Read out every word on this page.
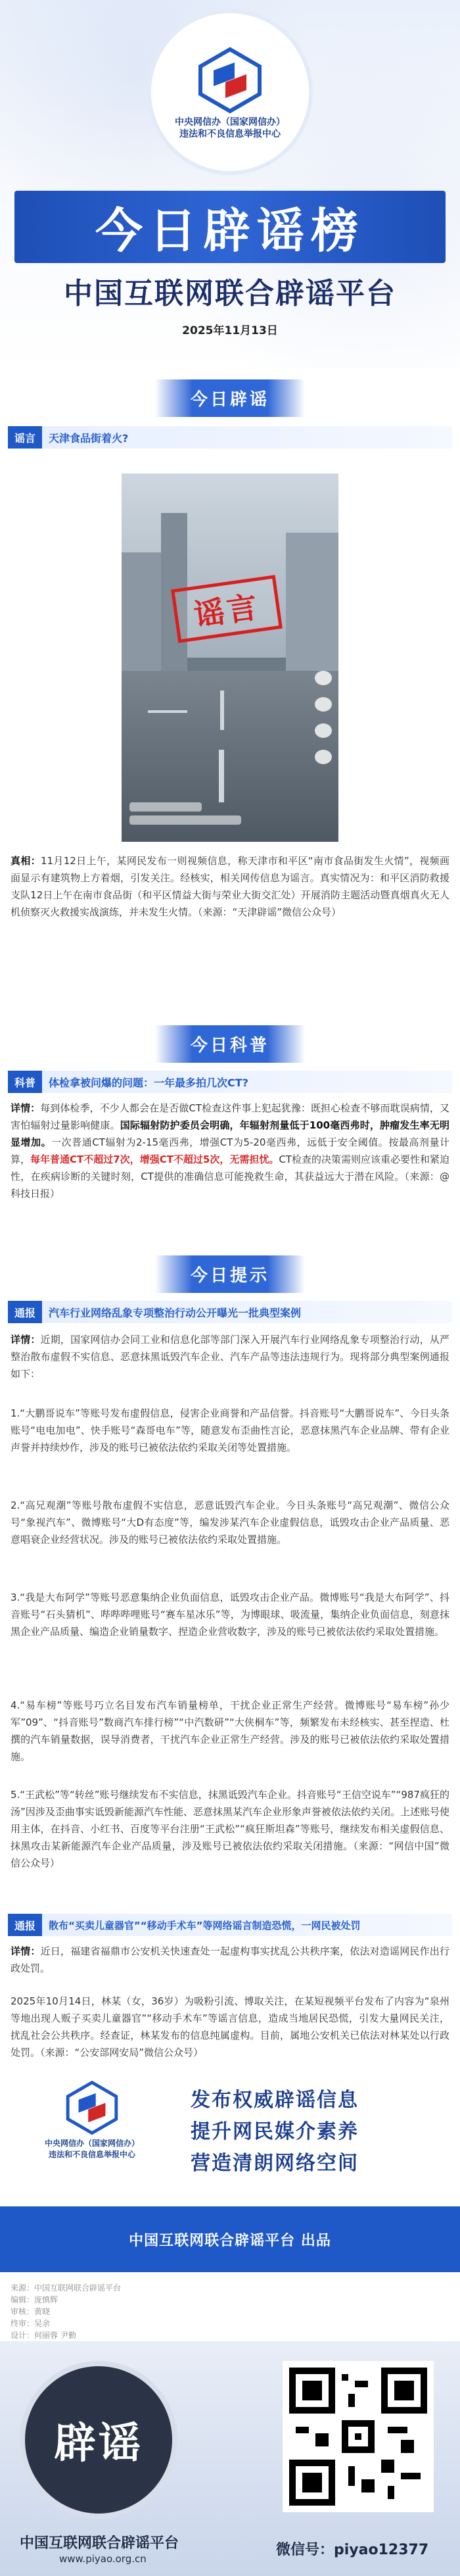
中央网信办（国家网信办）
违法和不良信息举报中心
今日辟谣榜
中国互联网联合辟谣平台
2025年11月13日
今日辟谣
谣言	天津食品街着火?
谣言
真相：11月12日上午，某网民发布一则视频信息，称天津市和平区“南市食品街发生火情”，视频画面显示有建筑物上方着烟，引发关注。经核实，相关网传信息为谣言。真实情况为：和平区消防救援支队12日上午在南市食品街（和平区情益大街与荣业大街交汇处）开展消防主题活动暨真烟真火无人机侦察灭火救援实战演练，并未发生火情。（来源：“天津辟谣”微信公众号）
今日科普
科普	体检拿被问爆的问题：一年最多拍几次CT?
详情：每到体检季，不少人都会在是否做CT检查这件事上犯起犹豫：既担心检查不够而耽误病情，又害怕辐射过量影响健康。国际辐射防护委员会明确，年辐射剂量低于100毫西弗时，肿瘤发生率无明显增加。一次普通CT辐射为2-15毫西弗，增强CT为5-20毫西弗，远低于安全阈值。按最高剂量计算，每年普通CT不超过7次，增强CT不超过5次，无需担忧。CT检查的决策需则应该重必要性和紧迫性，在疾病诊断的关键时刻，CT提供的准确信息可能挽救生命，其获益远大于潜在风险。（来源：@科技日报）
今日提示
通报	汽车行业网络乱象专项整治行动公开曝光一批典型案例
详情：近期，国家网信办会同工业和信息化部等部门深入开展汽车行业网络乱象专项整治行动，从严整治散布虚假不实信息、恶意抹黑诋毁汽车企业、汽车产品等违法违规行为。现将部分典型案例通报如下：
1.“大鹏哥说车”等账号发布虚假信息，侵害企业商誉和产品信誉。抖音账号“大鹏哥说车”、今日头条账号“电电加电”、快手账号“森哥电车”等，随意发布歪曲性言论，恶意抹黑汽车企业品牌、带有企业声誉并持续炒作，涉及的账号已被依法依约采取关闭等处置措施。
2.“高兄观潮”等账号散布虚假不实信息，恶意诋毁汽车企业。今日头条账号“高兄观潮”、微信公众号“象视汽车”、微博账号“大D有态度”等，编发涉某汽车企业虚假信息，诋毁攻击企业产品质量、恶意唱衰企业经营状况。涉及的账号已被依法依约采取处置措施。
3.“我是大布阿学”等账号恶意集纳企业负面信息，诋毁攻击企业产品。微博账号“我是大布阿学”、抖音账号“石头猜机”、哔哔哔哩账号“赛车星冰乐”等，为博眼球、吸流量，集纳企业负面信息，刻意抹黑企业产品质量、编造企业销量数字、捏造企业营收数字，涉及的账号已被依法依约采取处置措施。
4.“易车榜”等账号巧立名目发布汽车销量榜单，干扰企业正常生产经营。微博账号“易车榜”孙少军”09”、“抖音账号”数商汽车排行榜”“中汽数研”“大侠桐车”等，频繁发布未经核实、甚至捏造、杜撰的汽车销量数据，误导消费者，干扰汽车企业正常生产经营。涉及的账号已被依法依约采取处置措施。
5.“王武松”等“转丝”账号继续发布不实信息，抹黑诋毁汽车企业。抖音账号“王信空说车”“987疯狂的汤”因涉及歪曲事实诋毁新能源汽车性能、恶意抹黑某汽车企业形象声誉被依法依约关闭。上述账号使用主体，在抖音、小红书、百度等平台注册“王武松”“疯狂斯坦森”等账号，继续发布相关虚假信息、抹黑攻击某新能源汽车企业产品质量，涉及账号已被依法依约采取关闭措施。（来源：“网信中国”微信公众号）
通报	散布“买卖儿童器官”“移动手术车”等网络谣言制造恐慌，一网民被处罚
详情：近日，福建省福鼎市公安机关快速查处一起虚构事实扰乱公共秩序案，依法对造谣网民作出行政处罚。
2025年10月14日，林某（女，36岁）为吸粉引流、博取关注，在某短视频平台发布了内容为“泉州等地出现人贩子买卖儿童器官”“移动手术车”等谣言信息，造成当地居民恐慌，引发大量网民关注，扰乱社会公共秩序。经查证，林某发布的信息纯属虚构。目前，属地公安机关已依法对林某处以行政处罚。（来源：“公安部网安局”微信公众号）
中央网信办（国家网信办）
违法和不良信息举报中心
发布权威辟谣信息
提升网民媒介素养
营造清朗网络空间
中国互联网联合辟谣平台 出品
来源：中国互联网联合辟谣平台
编辑：庞慎辉
审核：黄晓
终审：吴余
设计：何丽蓉 尹勤
辟谣
中国互联网联合辟谣平台
www.piyao.org.cn
微信号：piyao12377
